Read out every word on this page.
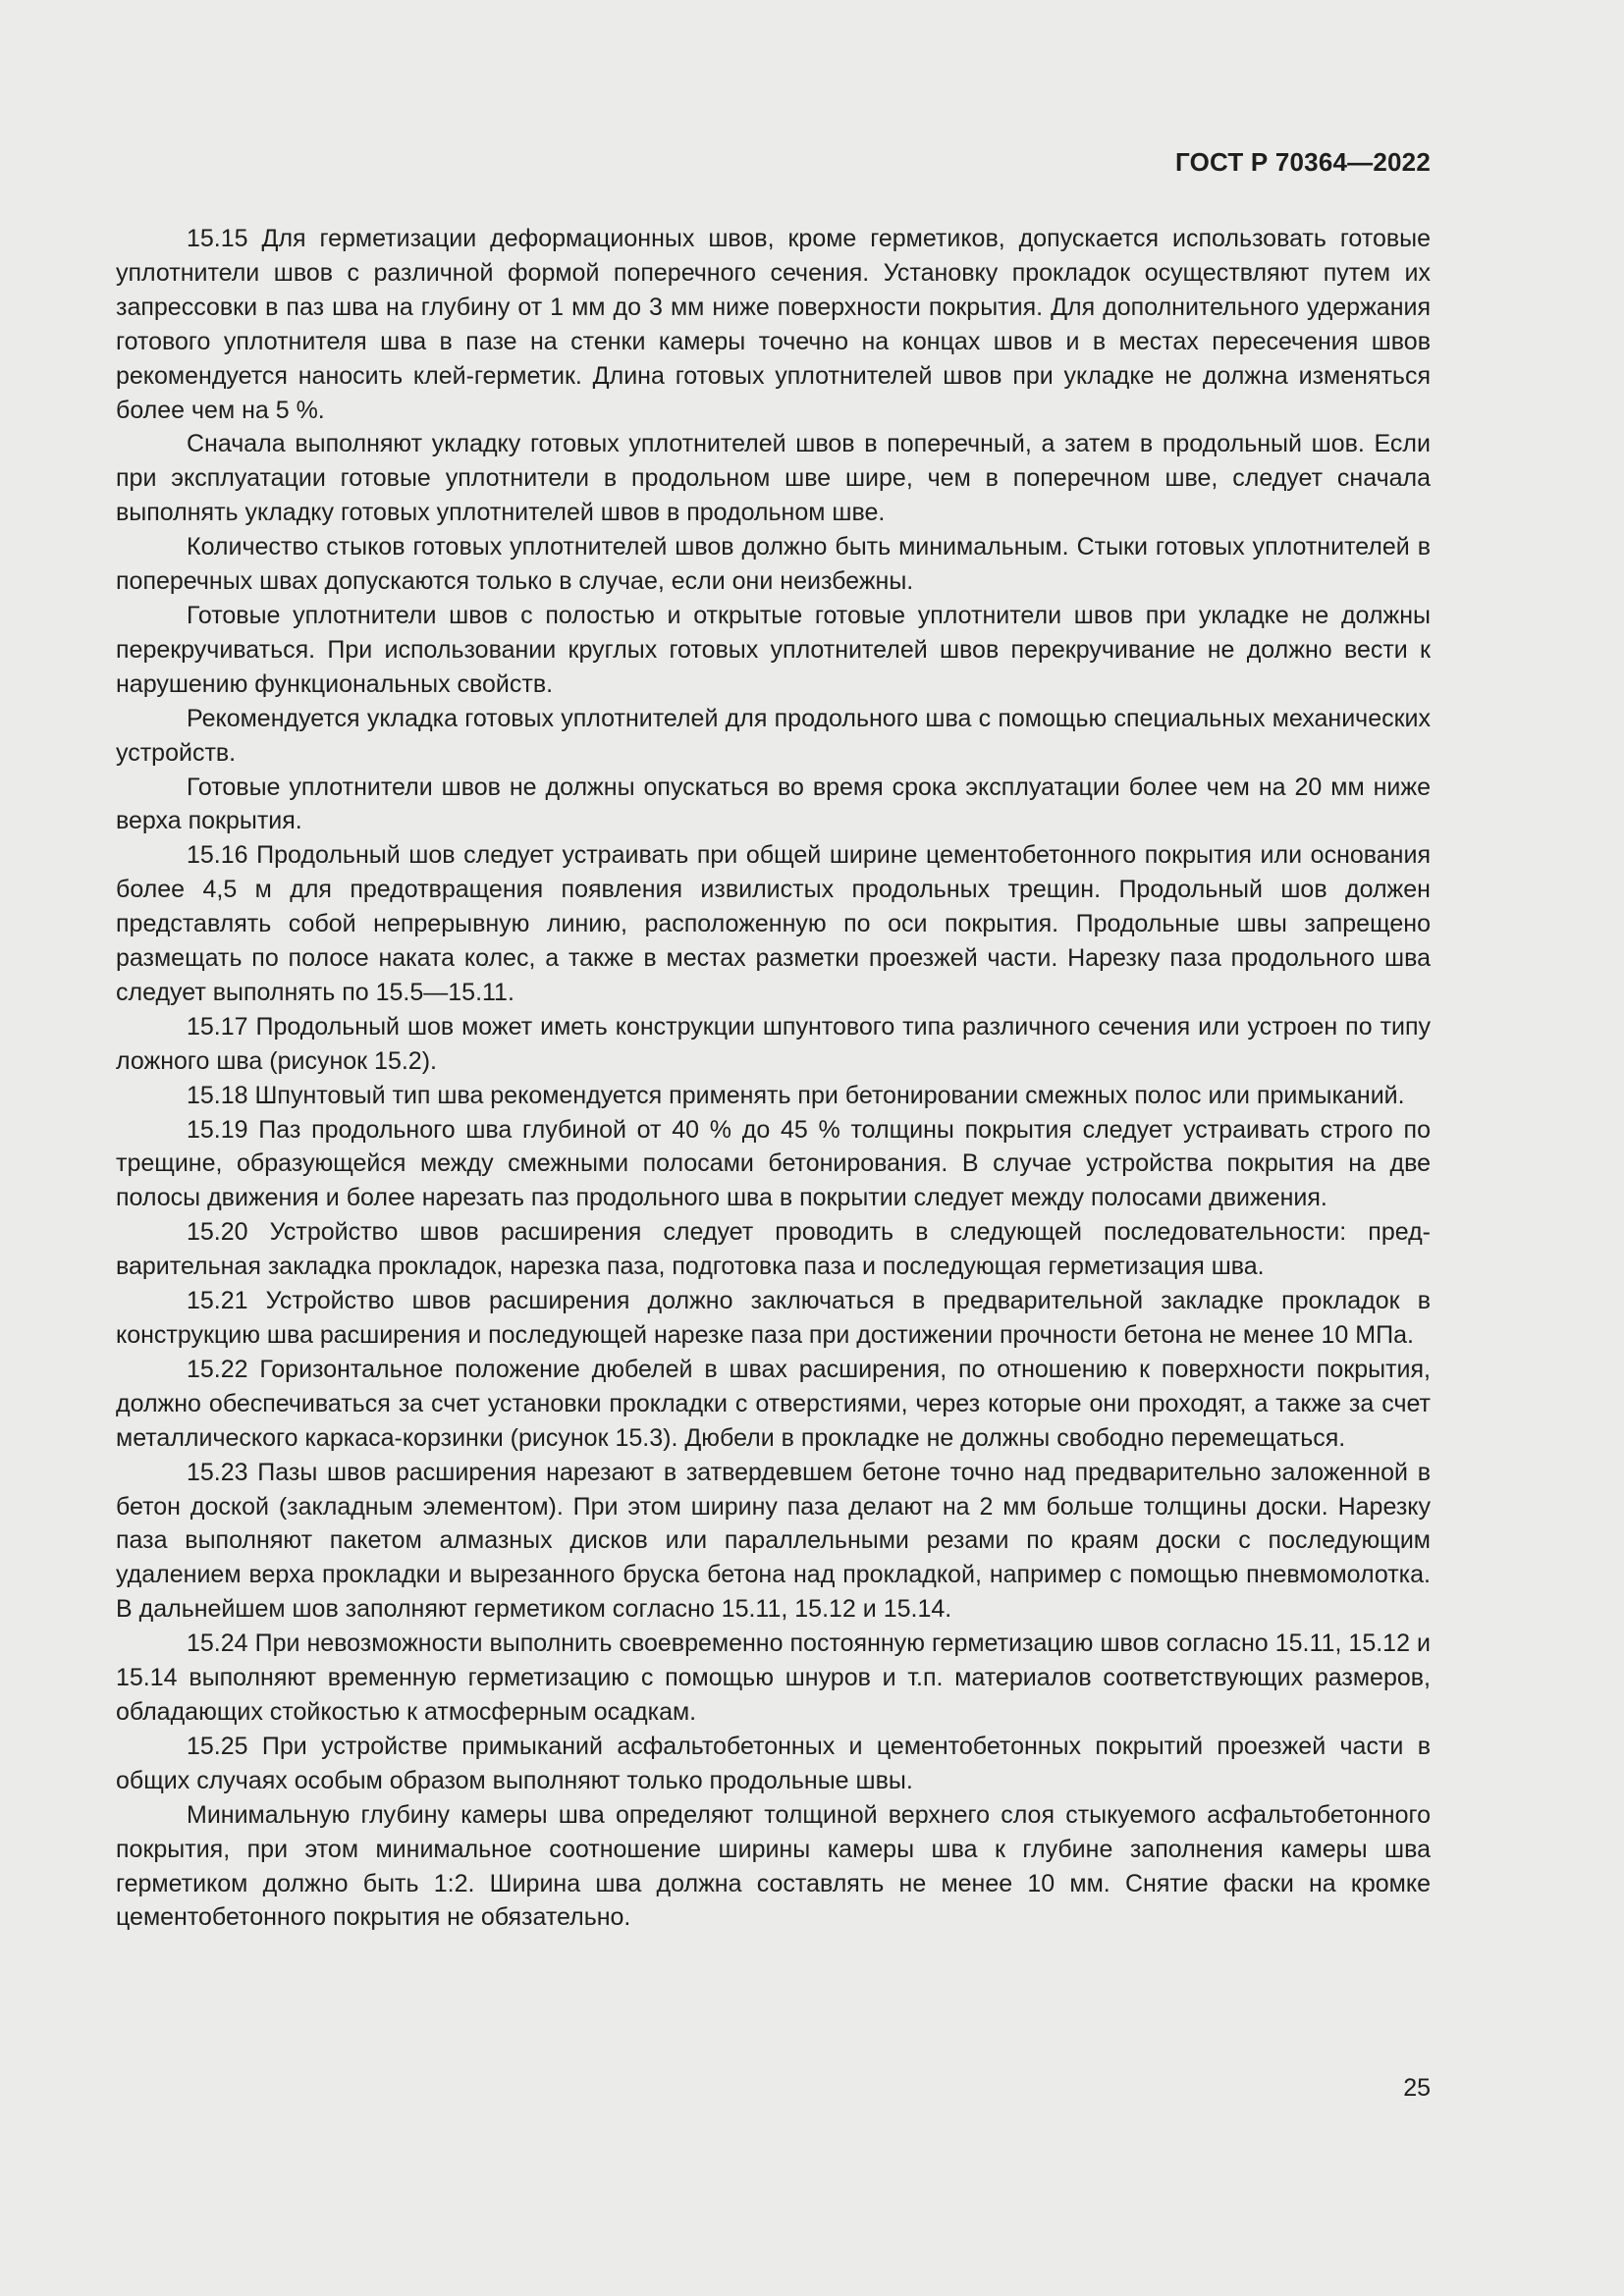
ГОСТ Р 70364—2022

15.15 Для герметизации деформационных швов, кроме герметиков, допускается использовать готовые уплотнители швов с различной формой поперечного сечения. Установку прокладок осуществляют путем их запрессовки в паз шва на глубину от 1 мм до 3 мм ниже поверхности покрытия. Для дополнительного удержания готового уплотнителя шва в пазе на стенки камеры точечно на концах швов и в местах пересечения швов рекомендуется наносить клей-герметик. Длина готовых уплотнителей швов при укладке не должна изменяться более чем на 5 %.

Сначала выполняют укладку готовых уплотнителей швов в поперечный, а затем в продольный шов. Если при эксплуатации готовые уплотнители в продольном шве шире, чем в поперечном шве, следует сначала выполнять укладку готовых уплотнителей швов в продольном шве.

Количество стыков готовых уплотнителей швов должно быть минимальным. Стыки готовых уплотнителей в поперечных швах допускаются только в случае, если они неизбежны.

Готовые уплотнители швов с полостью и открытые готовые уплотнители швов при укладке не должны перекручиваться. При использовании круглых готовых уплотнителей швов перекручивание не должно вести к нарушению функциональных свойств.

Рекомендуется укладка готовых уплотнителей для продольного шва с помощью специальных механических устройств.

Готовые уплотнители швов не должны опускаться во время срока эксплуатации более чем на 20 мм ниже верха покрытия.

15.16 Продольный шов следует устраивать при общей ширине цементобетонного покрытия или основания более 4,5 м для предотвращения появления извилистых продольных трещин. Продольный шов должен представлять собой непрерывную линию, расположенную по оси покрытия. Продольные швы запрещено размещать по полосе наката колес, а также в местах разметки проезжей части. Нарезку паза продольного шва следует выполнять по 15.5—15.11.

15.17 Продольный шов может иметь конструкции шпунтового типа различного сечения или устроен по типу ложного шва (рисунок 15.2).

15.18 Шпунтовый тип шва рекомендуется применять при бетонировании смежных полос или примыканий.

15.19 Паз продольного шва глубиной от 40 % до 45 % толщины покрытия следует устраивать строго по трещине, образующейся между смежными полосами бетонирования. В случае устройства покрытия на две полосы движения и более нарезать паз продольного шва в покрытии следует между полосами движения.

15.20 Устройство швов расширения следует проводить в следующей последовательности: предварительная закладка прокладок, нарезка паза, подготовка паза и последующая герметизация шва.

15.21 Устройство швов расширения должно заключаться в предварительной закладке прокладок в конструкцию шва расширения и последующей нарезке паза при достижении прочности бетона не менее 10 МПа.

15.22 Горизонтальное положение дюбелей в швах расширения, по отношению к поверхности покрытия, должно обеспечиваться за счет установки прокладки с отверстиями, через которые они проходят, а также за счет металлического каркаса-корзинки (рисунок 15.3). Дюбели в прокладке не должны свободно перемещаться.

15.23 Пазы швов расширения нарезают в затвердевшем бетоне точно над предварительно заложенной в бетон доской (закладным элементом). При этом ширину паза делают на 2 мм больше толщины доски. Нарезку паза выполняют пакетом алмазных дисков или параллельными резами по краям доски с последующим удалением верха прокладки и вырезанного бруска бетона над прокладкой, например с помощью пневмомолотка. В дальнейшем шов заполняют герметиком согласно 15.11, 15.12 и 15.14.

15.24 При невозможности выполнить своевременно постоянную герметизацию швов согласно 15.11, 15.12 и 15.14 выполняют временную герметизацию с помощью шнуров и т.п. материалов соответствующих размеров, обладающих стойкостью к атмосферным осадкам.

15.25 При устройстве примыканий асфальтобетонных и цементобетонных покрытий проезжей части в общих случаях особым образом выполняют только продольные швы.

Минимальную глубину камеры шва определяют толщиной верхнего слоя стыкуемого асфальтобетонного покрытия, при этом минимальное соотношение ширины камеры шва к глубине заполнения камеры шва герметиком должно быть 1:2. Ширина шва должна составлять не менее 10 мм. Снятие фаски на кромке цементобетонного покрытия не обязательно.

25
